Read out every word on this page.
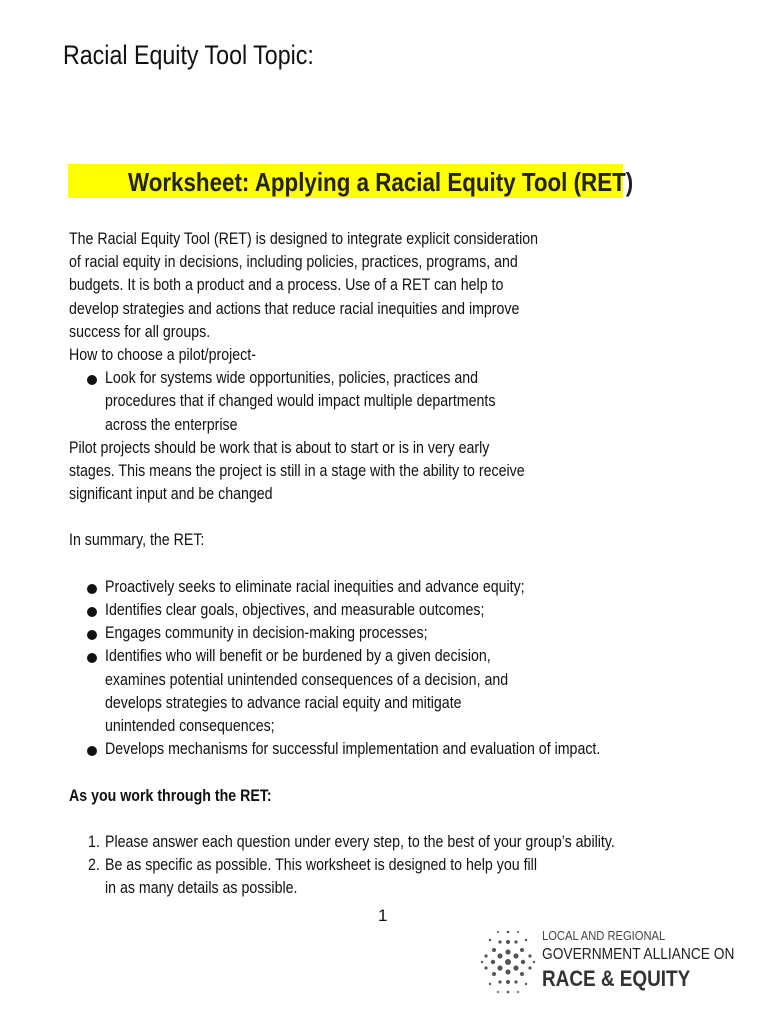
Racial Equity Tool Topic:
Worksheet: Applying a Racial Equity Tool (RET)
The Racial Equity Tool (RET) is designed to integrate explicit consideration
of racial equity in decisions, including policies, practices, programs, and
budgets. It is both a product and a process. Use of a RET can help to
develop strategies and actions that reduce racial inequities and improve
success for all groups.
How to choose a pilot/project-
Look for systems wide opportunities, policies, practices and
procedures that if changed would impact multiple departments
across the enterprise
Pilot projects should be work that is about to start or is in very early
stages. This means the project is still in a stage with the ability to receive
significant input and be changed
In summary, the RET:
Proactively seeks to eliminate racial inequities and advance equity;
Identifies clear goals, objectives, and measurable outcomes;
Engages community in decision-making processes;
Identifies who will benefit or be burdened by a given decision,
examines potential unintended consequences of a decision, and
develops strategies to advance racial equity and mitigate
unintended consequences;
Develops mechanisms for successful implementation and evaluation of impact.
As you work through the RET:
1. Please answer each question under every step, to the best of your group’s ability.
2. Be as specific as possible. This worksheet is designed to help you fill
in as many details as possible.
1
LOCAL AND REGIONAL
GOVERNMENT ALLIANCE ON
RACE & EQUITY
